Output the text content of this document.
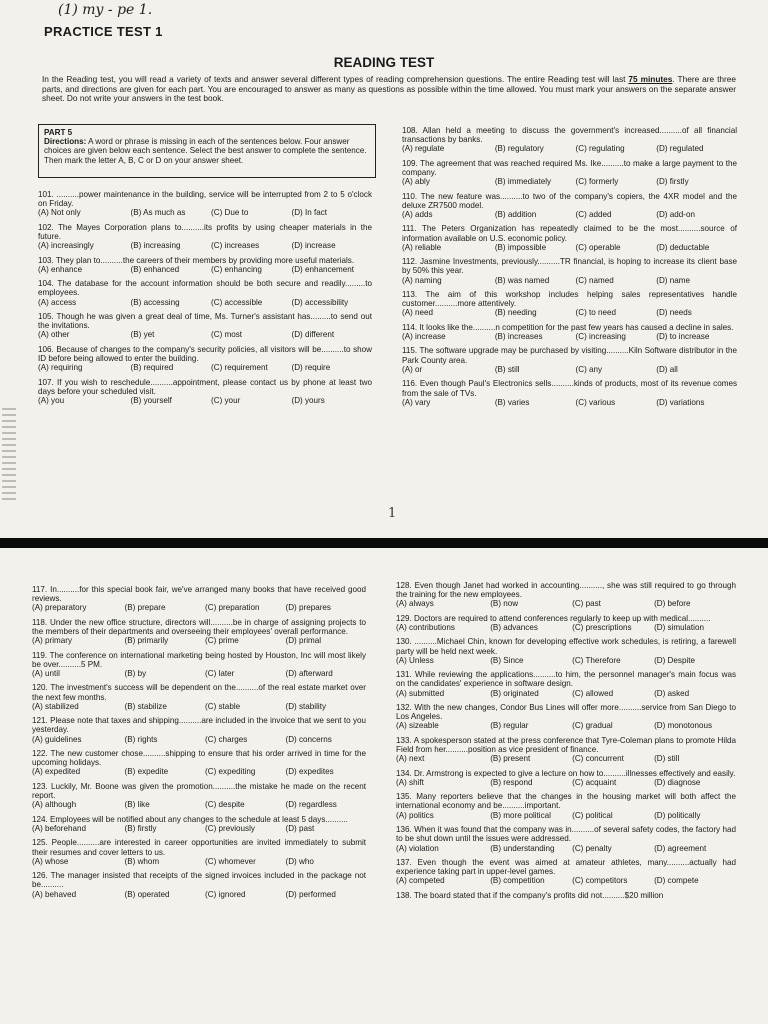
(1) my - pe 1.
PRACTICE TEST 1
READING TEST
In the Reading test, you will read a variety of texts and answer several different types of reading comprehension questions. The entire Reading test will last 75 minutes. There are three parts, and directions are given for each part. You are encouraged to answer as many as questions as possible within the time allowed. You must mark your answers on the separate answer sheet. Do not write your answers in the test book.
PART 5
Directions: A word or phrase is missing in each of the sentences below. Four answer choices are given below each sentence. Select the best answer to complete the sentence. Then mark the letter A, B, C or D on your answer sheet.
101. ..........power maintenance in the building, service will be interrupted from 2 to 5 o'clock on Friday.
(A) Not only	(B) As much as	(C) Due to	(D) In fact
102. The Mayes Corporation plans to..........its profits by using cheaper materials in the future.
(A) increasingly	(B) increasing	(C) increases	(D) increase
103. They plan to..........the careers of their members by providing more useful materials.
(A) enhance	(B) enhanced	(C) enhancing	(D) enhancement
104. The database for the account information should be both secure and readily.........to employees.
(A) access	(B) accessing	(C) accessible	(D) accessibility
105. Though he was given a great deal of time, Ms. Turner's assistant has.........to send out the invitations.
(A) other	(B) yet	(C) most	(D) different
106. Because of changes to the company's security policies, all visitors will be..........to show ID before being allowed to enter the building.
(A) requiring	(B) required	(C) requirement	(D) require
107. If you wish to reschedule..........appointment, please contact us by phone at least two days before your scheduled visit.
(A) you	(B) yourself	(C) your	(D) yours
108. Allan held a meeting to discuss the government's increased..........of all financial transactions by banks.
(A) regulate	(B) regulatory	(C) regulating	(D) regulated
109. The agreement that was reached required Ms. Ike..........to make a large payment to the company.
(A) ably	(B) immediately	(C) formerly	(D) firstly
110. The new feature was..........to two of the company's copiers, the 4XR model and the deluxe ZR7500 model.
(A) adds	(B) addition	(C) added	(D) add-on
111. The Peters Organization has repeatedly claimed to be the most..........source of information available on U.S. economic policy.
(A) reliable	(B) impossible	(C) operable	(D) deductable
112. Jasmine Investments, previously..........TR financial, is hoping to increase its client base by 50% this year.
(A) naming	(B) was named	(C) named	(D) name
113. The aim of this workshop includes helping sales representatives handle customer..........more attentively.
(A) need	(B) needing	(C) to need	(D) needs
114. It looks like the..........n competition for the past few years has caused a decline in sales.
(A) increase	(B) increases	(C) increasing	(D) to increase
115. The software upgrade may be purchased by visiting..........Kiln Software distributor in the Park County area.
(A) or	(B) still	(C) any	(D) all
116. Even though Paul's Electronics sells..........kinds of products, most of its revenue comes from the sale of TVs.
(A) vary	(B) varies	(C) various	(D) variations
1
117. In..........for this special book fair, we've arranged many books that have received good reviews.
(A) preparatory	(B) prepare	(C) preparation	(D) prepares
118. Under the new office structure, directors will..........be in charge of assigning projects to the members of their departments and overseeing their employees' overall performance.
(A) primary	(B) primarily	(C) prime	(D) primal
119. The conference on international marketing being hosted by Houston, Inc will most likely be over..........5 PM.
(A) until	(B) by	(C) later	(D) afterward
120. The investment's success will be dependent on the..........of the real estate market over the next few months.
(A) stabilized	(B) stabilize	(C) stable	(D) stability
121. Please note that taxes and shipping..........are included in the invoice that we sent to you yesterday.
(A) guidelines	(B) rights	(C) charges	(D) concerns
122. The new customer chose..........shipping to ensure that his order arrived in time for the upcoming holidays.
(A) expedited	(B) expedite	(C) expediting	(D) expedites
123. Luckily, Mr. Boone was given the promotion..........the mistake he made on the recent report.
(A) although	(B) like	(C) despite	(D) regardless
124. Employees will be notified about any changes to the schedule at least 5 days..........
(A) beforehand	(B) firstly	(C) previously	(D) past
125. People..........are interested in career opportunities are invited immediately to submit their resumes and cover letters to us.
(A) whose	(B) whom	(C) whomever	(D) who
126. The manager insisted that receipts of the signed invoices included in the package not be..........
(A) behaved	(B) operated	(C) ignored	(D) performed
128. Even though Janet had worked in accounting.........., she was still required to go through the training for the new employees.
(A) always	(B) now	(C) past	(D) before
129. Doctors are required to attend conferences regularly to keep up with medical..........
(A) contributions	(B) advances	(C) prescriptions	(D) simulation
130. ..........Michael Chin, known for developing effective work schedules, is retiring, a farewell party will be held next week.
(A) Unless	(B) Since	(C) Therefore	(D) Despite
131. While reviewing the applications..........to him, the personnel manager's main focus was on the candidates' experience in software design.
(A) submitted	(B) originated	(C) allowed	(D) asked
132. With the new changes, Condor Bus Lines will offer more..........service from San Diego to Los Angeles.
(A) sizeable	(B) regular	(C) gradual	(D) monotonous
133. A spokesperson stated at the press conference that Tyre-Coleman plans to promote Hilda Field from her..........position as vice president of finance.
(A) next	(B) present	(C) concurrent	(D) still
134. Dr. Armstrong is expected to give a lecture on how to..........illnesses effectively and easily.
(A) shift	(B) respond	(C) acquaint	(D) diagnose
135. Many reporters believe that the changes in the housing market will both affect the international economy and be..........important.
(A) politics	(B) more political	(C) political	(D) politically
136. When it was found that the company was in..........of several safety codes, the factory had to be shut down until the issues were addressed.
(A) violation	(B) understanding	(C) penalty	(D) agreement
137. Even though the event was aimed at amateur athletes, many..........actually had experience taking part in upper-level games.
(A) competed	(B) competition	(C) competitors	(D) compete
138. The board stated that if the company's profits did not..........$20 million
